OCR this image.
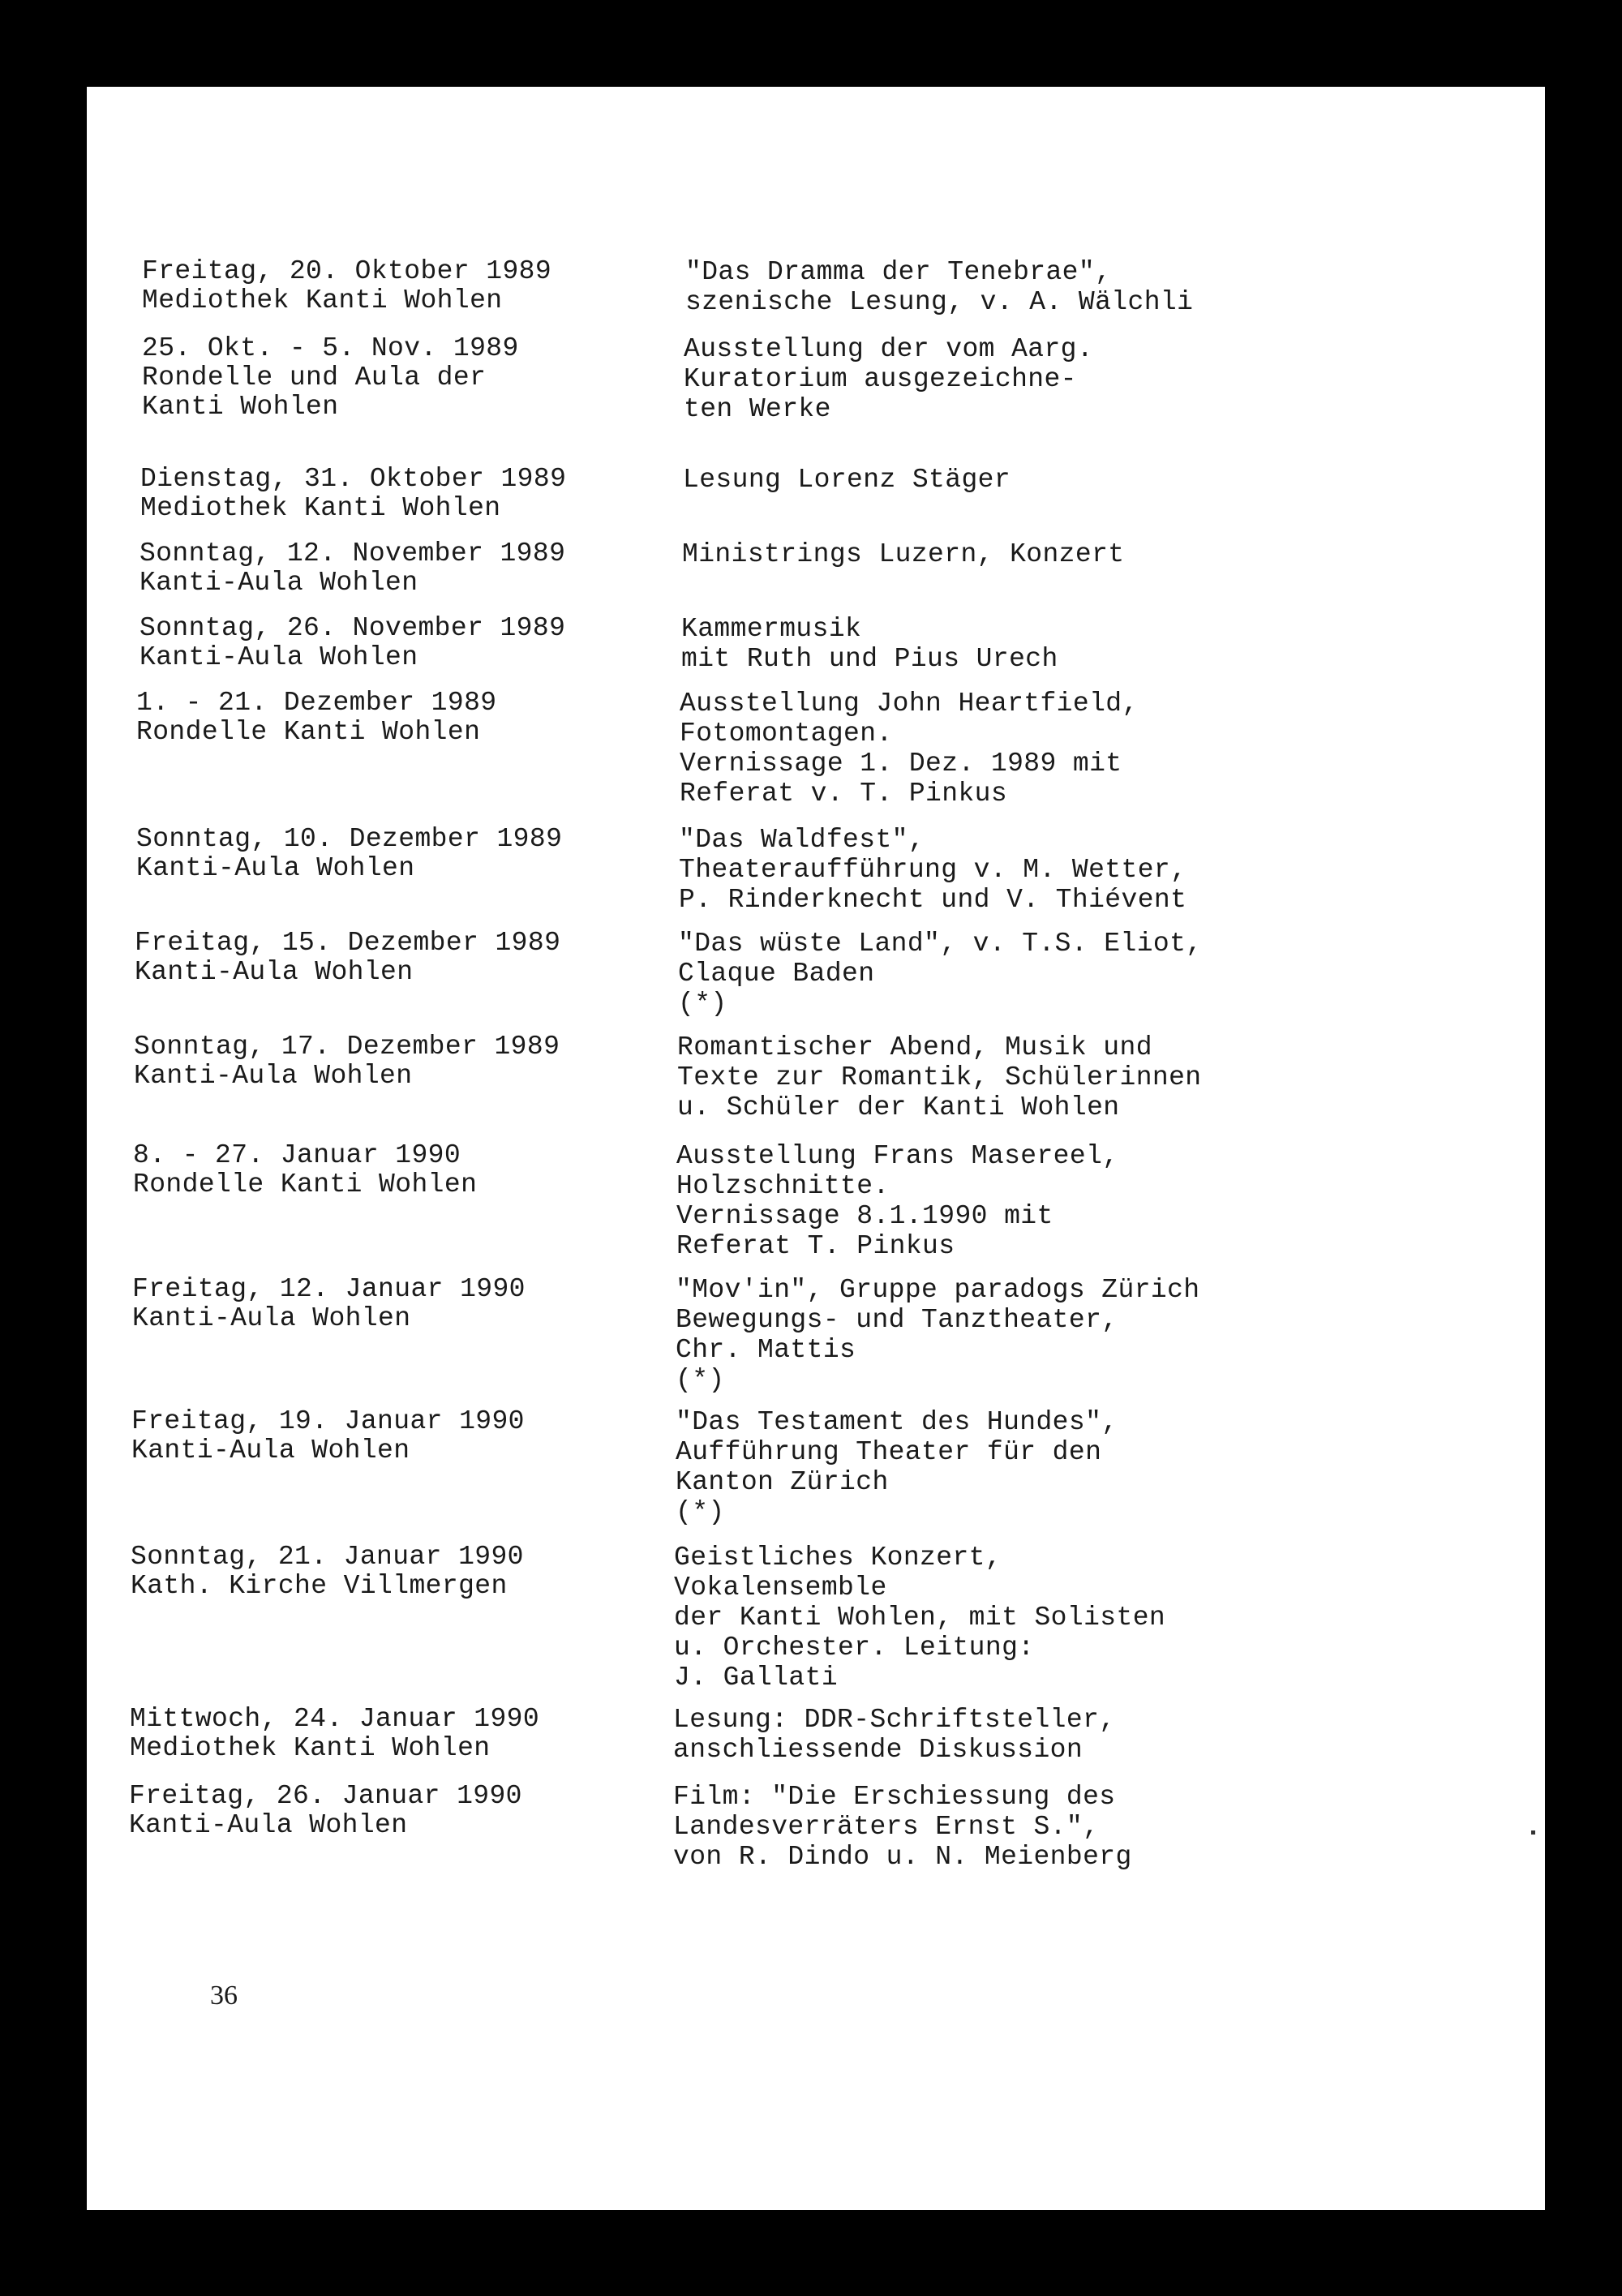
Freitag, 20. Oktober 1989
Mediothek Kanti Wohlen
"Das Dramma der Tenebrae",
szenische Lesung, v. A. Wälchli
25. Okt. - 5. Nov. 1989
Rondelle und Aula der
Kanti Wohlen
Ausstellung der vom Aarg.
Kuratorium ausgezeichne-
ten Werke
Dienstag, 31. Oktober 1989
Mediothek Kanti Wohlen
Lesung Lorenz Stäger
Sonntag, 12. November 1989
Kanti-Aula Wohlen
Ministrings Luzern, Konzert
Sonntag, 26. November 1989
Kanti-Aula Wohlen
Kammermusik
mit Ruth und Pius Urech
1. - 21. Dezember 1989
Rondelle Kanti Wohlen
Ausstellung John Heartfield,
Fotomontagen.
Vernissage 1. Dez. 1989 mit
Referat v. T. Pinkus
Sonntag, 10. Dezember 1989
Kanti-Aula Wohlen
"Das Waldfest",
Theateraufführung v. M. Wetter,
P. Rinderknecht und V. Thiévent
Freitag, 15. Dezember 1989
Kanti-Aula Wohlen
"Das wüste Land", v. T.S. Eliot,
Claque Baden
(*)
Sonntag, 17. Dezember 1989
Kanti-Aula Wohlen
Romantischer Abend, Musik und
Texte zur Romantik, Schülerinnen
u. Schüler der Kanti Wohlen
8. - 27. Januar 1990
Rondelle Kanti Wohlen
Ausstellung Frans Masereel,
Holzschnitte.
Vernissage 8.1.1990 mit
Referat T. Pinkus
Freitag, 12. Januar 1990
Kanti-Aula Wohlen
"Mov'in", Gruppe paradogs Zürich
Bewegungs- und Tanztheater,
Chr. Mattis
(*)
Freitag, 19. Januar 1990
Kanti-Aula Wohlen
"Das Testament des Hundes",
Aufführung Theater für den
Kanton Zürich
(*)
Sonntag, 21. Januar 1990
Kath. Kirche Villmergen
Geistliches Konzert,
Vokalensemble
der Kanti Wohlen, mit Solisten
u. Orchester. Leitung:
J. Gallati
Mittwoch, 24. Januar 1990
Mediothek Kanti Wohlen
Lesung: DDR-Schriftsteller,
anschliessende Diskussion
Freitag, 26. Januar 1990
Kanti-Aula Wohlen
Film: "Die Erschiessung des
Landesverräters Ernst S.",
von R. Dindo u. N. Meienberg
36
